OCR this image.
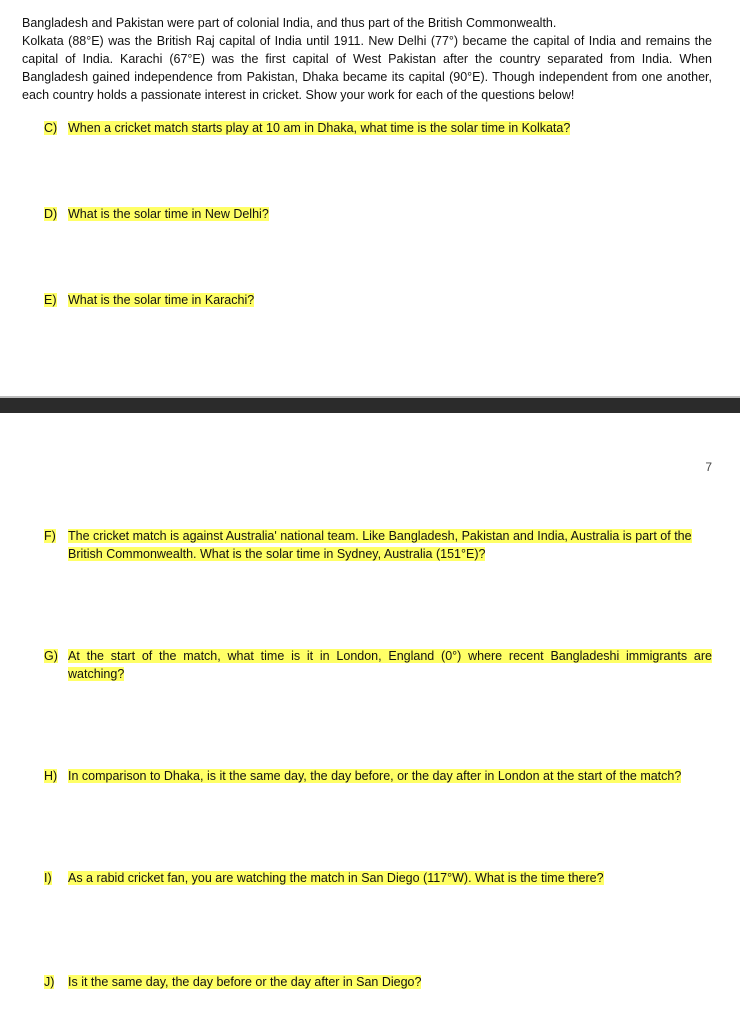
Bangladesh and Pakistan were part of colonial India, and thus part of the British Commonwealth.

Kolkata (88°E) was the British Raj capital of India until 1911. New Delhi (77°) became the capital of India and remains the capital of India. Karachi (67°E) was the first capital of West Pakistan after the country separated from India. When Bangladesh gained independence from Pakistan, Dhaka became its capital (90°E). Though independent from one another, each country holds a passionate interest in cricket. Show your work for each of the questions below!

C) When a cricket match starts play at 10 am in Dhaka, what time is the solar time in Kolkata?
D) What is the solar time in New Delhi?
E) What is the solar time in Karachi?
7
F) The cricket match is against Australia' national team. Like Bangladesh, Pakistan and India, Australia is part of the British Commonwealth. What is the solar time in Sydney, Australia (151°E)?
G) At the start of the match, what time is it in London, England (0°) where recent Bangladeshi immigrants are watching?
H) In comparison to Dhaka, is it the same day, the day before, or the day after in London at the start of the match?
I)	As a rabid cricket fan, you are watching the match in San Diego (117°W). What is the time there?
J)	Is it the same day, the day before or the day after in San Diego?
